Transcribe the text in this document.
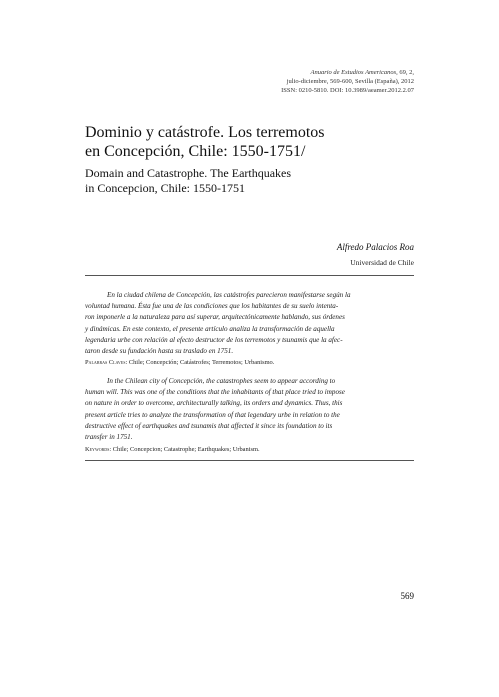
Anuario de Estudios Americanos, 69, 2,
julio-diciembre, 569-600, Sevilla (España), 2012
ISSN: 0210-5810. DOI: 10.3989/aeamer.2012.2.07
Dominio y catástrofe. Los terremotos
en Concepción, Chile: 1550-1751/
Domain and Catastrophe. The Earthquakes
in Concepcion, Chile: 1550-1751
Alfredo Palacios Roa
Universidad de Chile
En la ciudad chilena de Concepción, las catástrofes parecieron manifestarse según la
voluntad humana. Ésta fue una de las condiciones que los habitantes de su suelo intenta-
ron imponerle a la naturaleza para así superar, arquitectónicamente hablando, sus órdenes
y dinámicas. En este contexto, el presente artículo analiza la transformación de aquella
legendaria urbe con relación al efecto destructor de los terremotos y tsunamis que la afec-
taron desde su fundación hasta su traslado en 1751.
Palabras Claves: Chile; Concepción; Catástrofes; Terremotos; Urbanismo.
In the Chilean city of Concepción, the catastrophes seem to appear according to
human will. This was one of the conditions that the inhabitants of that place tried to impose
on nature in order to overcome, architecturally talking, its orders and dynamics. Thus, this
present article tries to analyze the transformation of that legendary urbe in relation to the
destructive effect of earthquakes and tsunamis that affected it since its foundation to its
transfer in 1751.
Keywords: Chile; Concepcion; Catastrophe; Earthquakes; Urbanism.
569
